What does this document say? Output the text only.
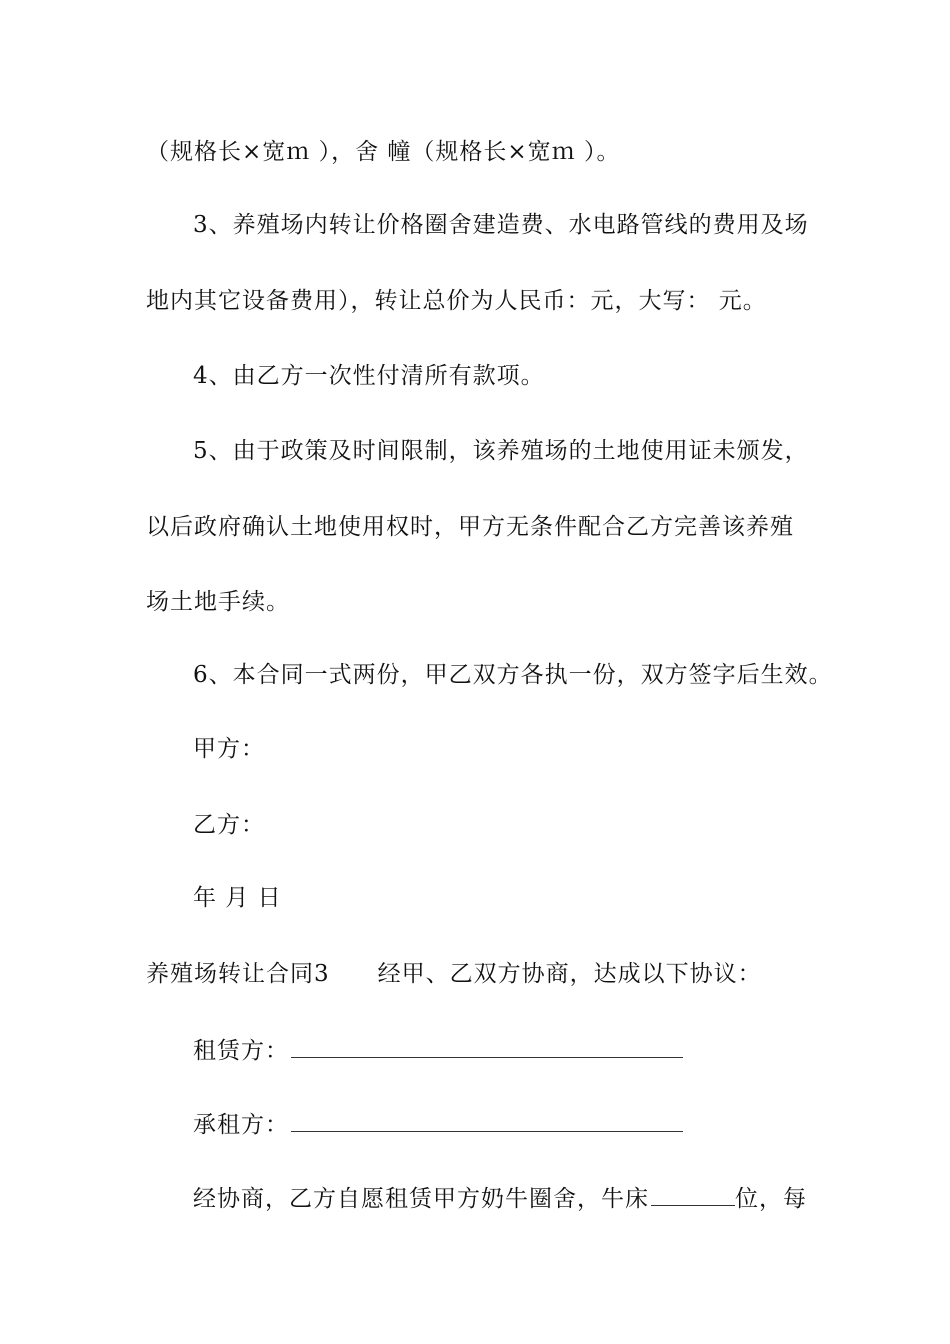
（规格长×宽ｍ ），舍 幢（规格长×宽ｍ ）。
3、养殖场内转让价格圈舍建造费、水电路管线的费用及场
地内其它设备费用），转让总价为人民币：元，大写： 元。
4、由乙方一次性付清所有款项。
5、由于政策及时间限制，该养殖场的土地使用证未颁发，
以后政府确认土地使用权时，甲方无条件配合乙方完善该养殖
场土地手续。
6、本合同一式两份，甲乙双方各执一份，双方签字后生效。
甲方：
乙方：
年 月 日
养殖场转让合同3　　经甲、乙双方协商，达成以下协议：
租赁方：
承租方：
经协商，乙方自愿租赁甲方奶牛圈舍，牛床	位，每
